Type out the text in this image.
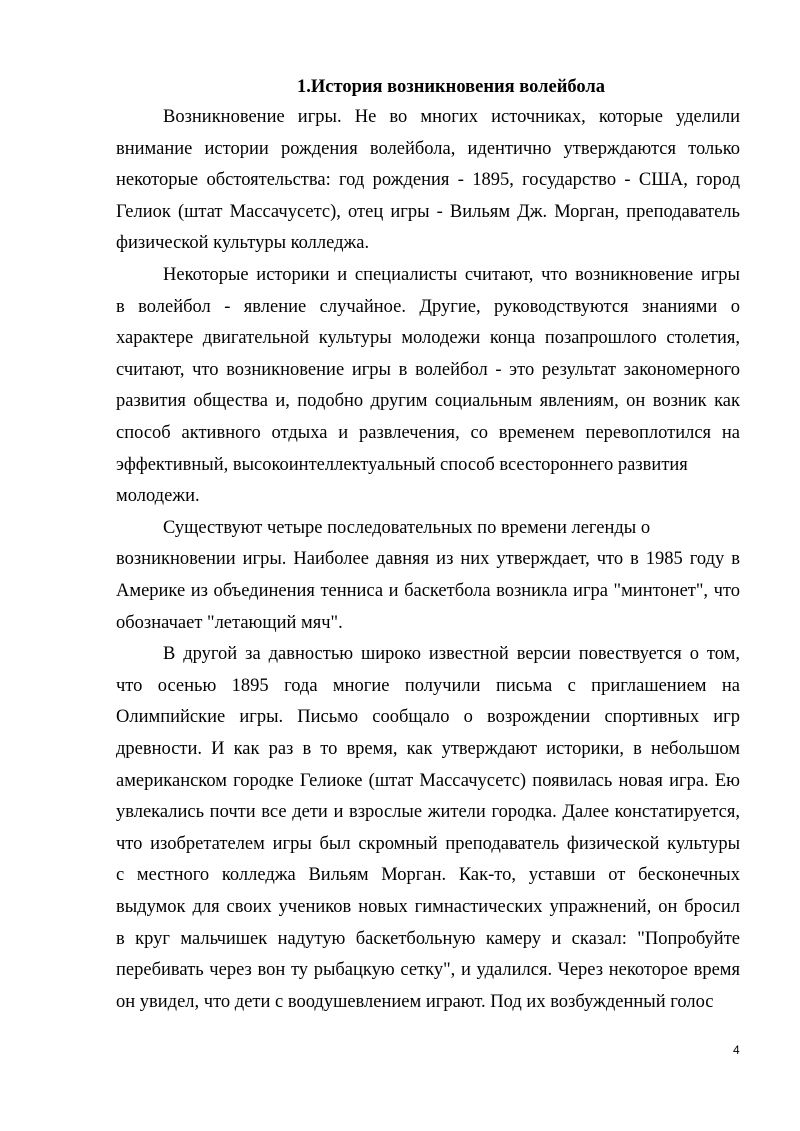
1.История возникновения волейбола
Возникновение игры. Не во многих источниках, которые уделили
внимание истории рождения волейбола, идентично утверждаются только
некоторые обстоятельства: год рождения - 1895, государство - США, город
Гелиок (штат Массачусетс), отец игры - Вильям Дж. Морган, преподаватель
физической культуры колледжа.
Некоторые историки и специалисты считают, что возникновение игры
в волейбол - явление случайное. Другие, руководствуются знаниями о
характере двигательной культуры молодежи конца позапрошлого столетия,
считают, что возникновение игры в волейбол - это результат закономерного
развития общества и, подобно другим социальным явлениям, он возник как
способ активного отдыха и развлечения, со временем перевоплотился на
эффективный, высокоинтеллектуальный способ всестороннего развития
молодежи.
Существуют четыре последовательных по времени легенды о
возникновении игры. Наиболее давняя из них утверждает, что в 1985 году в
Америке из объединения тенниса и баскетбола возникла игра "минтонет", что
обозначает "летающий мяч".
В другой за давностью широко известной версии повествуется о том,
что осенью 1895 года многие получили письма с приглашением на
Олимпийские игры. Письмо сообщало о возрождении спортивных игр
древности. И как раз в то время, как утверждают историки, в небольшом
американском городке Гелиоке (штат Массачусетс) появилась новая игра. Ею
увлекались почти все дети и взрослые жители городка. Далее констатируется,
что изобретателем игры был скромный преподаватель физической культуры
с местного колледжа Вильям Морган. Как-то, уставши от бесконечных
выдумок для своих учеников новых гимнастических упражнений, он бросил
в круг мальчишек надутую баскетбольную камеру и сказал: "Попробуйте
перебивать через вон ту рыбацкую сетку", и удалился. Через некоторое время
он увидел, что дети с воодушевлением играют. Под их возбужденный голос
4
